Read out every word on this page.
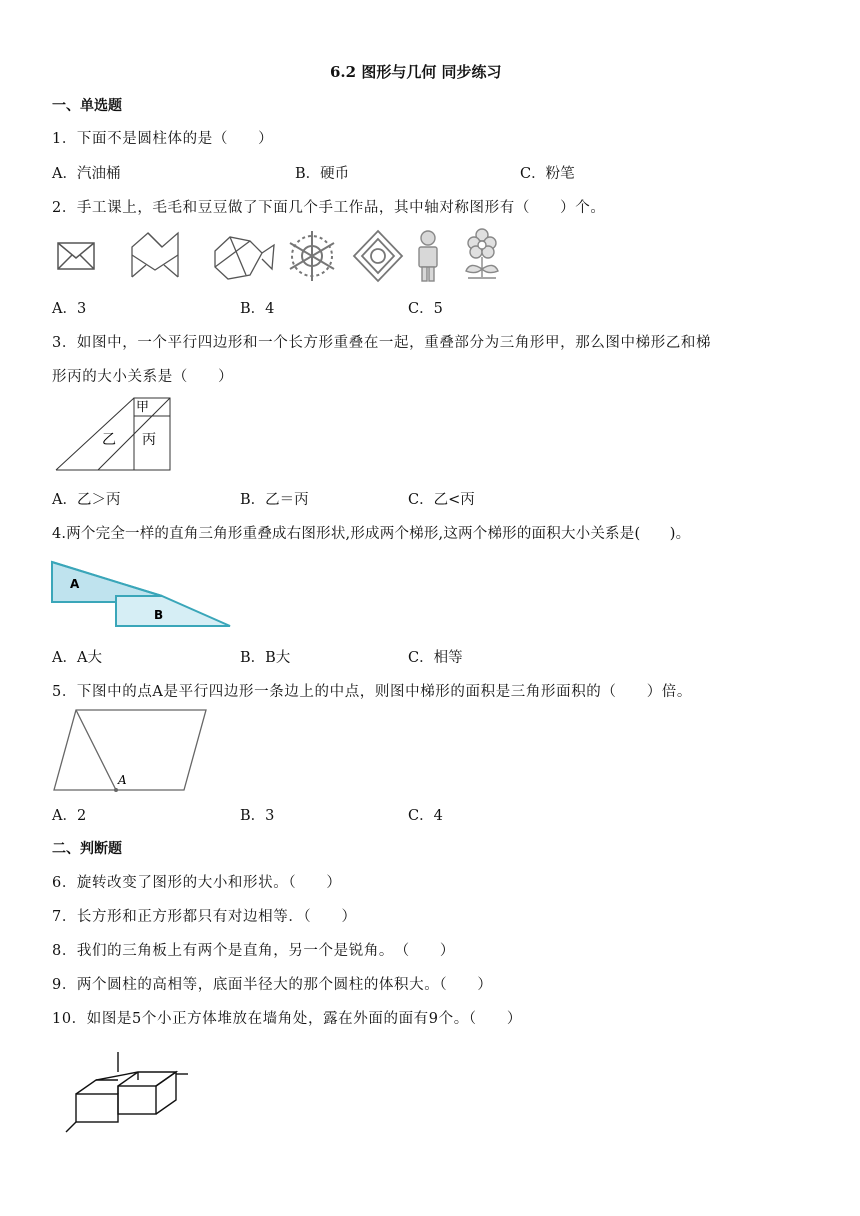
6.2 图形与几何 同步练习
一、单选题
1．下面不是圆柱体的是（　　）
A．汽油桶	B．硬币	C．粉笔
2．手工课上，毛毛和豆豆做了下面几个手工作品，其中轴对称图形有（　　）个。
A．3	B．4	C．5
3．如图中，一个平行四边形和一个长方形重叠在一起，重叠部分为三角形甲，那么图中梯形乙和梯
形丙的大小关系是（　　）
甲
乙 丙
A．乙＞丙	B．乙＝丙	C．乙<丙
4.两个完全一样的直角三角形重叠成右图形状,形成两个梯形,这两个梯形的面积大小关系是(　　)。
A
B
A．A大	B．B大	C．相等
5．下图中的点A是平行四边形一条边上的中点，则图中梯形的面积是三角形面积的（　　）倍。
A
A．2	B．3	C．4
二、判断题
6．旋转改变了图形的大小和形状。（　　）
7．长方形和正方形都只有对边相等．（　　）
8．我们的三角板上有两个是直角，另一个是锐角。　（　　）
9．两个圆柱的高相等，底面半径大的那个圆柱的体积大。（　　）
10．如图是5个小正方体堆放在墙角处，露在外面的面有9个。（　　）
